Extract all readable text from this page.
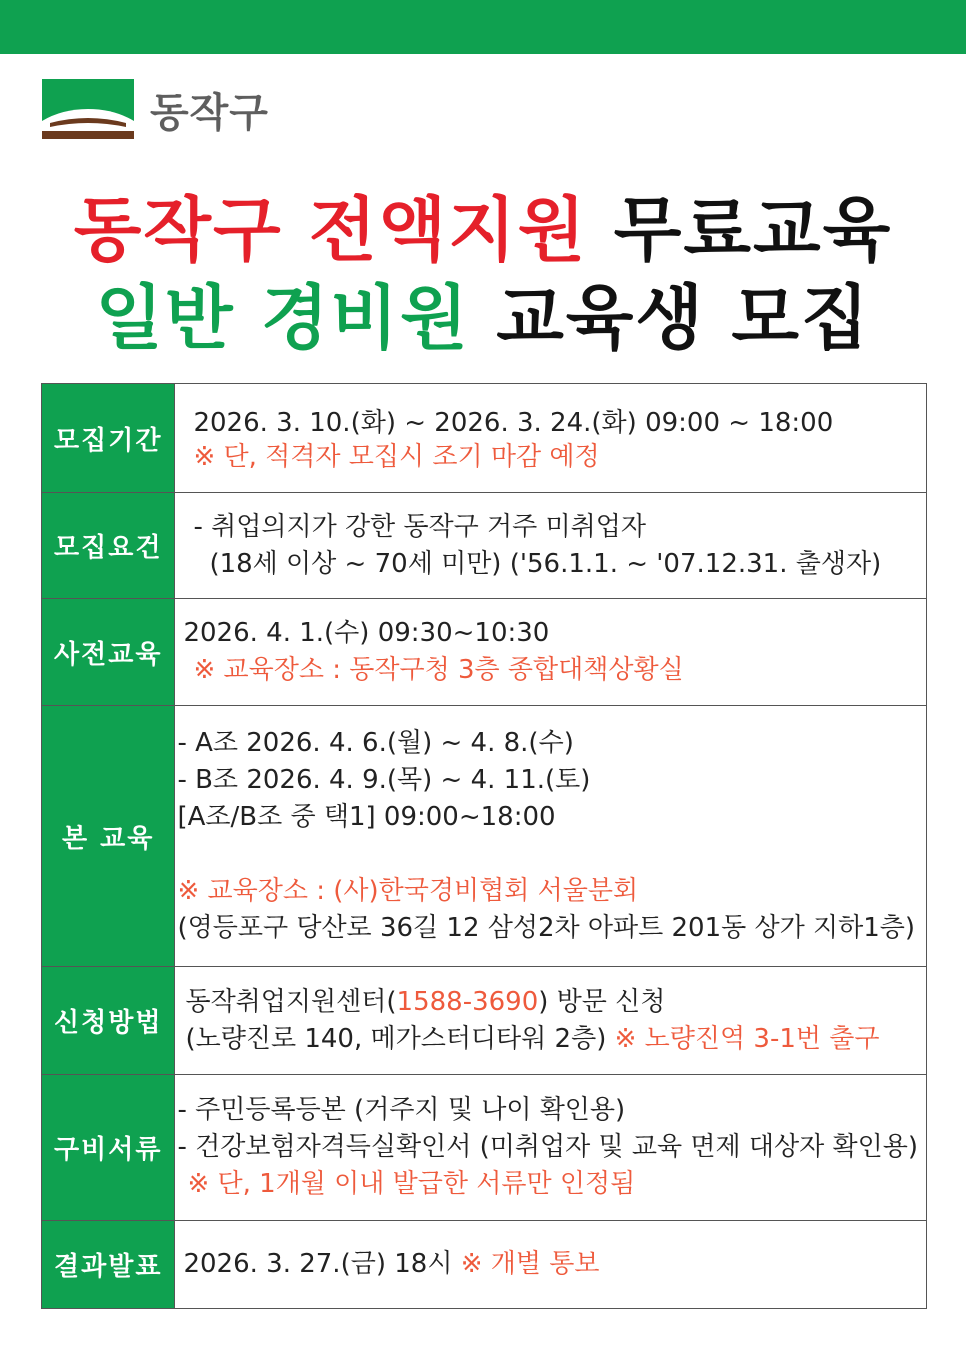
동작구
동작구 전액지원 무료교육
일반 경비원 교육생 모집
모집기간	2026. 3. 10.(화) ~ 2026. 3. 24.(화) 09:00 ~ 18:00
※ 단, 적격자 모집시 조기 마감 예정

모집요건	- 취업의지가 강한 동작구 거주 미취업자
(18세 이상 ~ 70세 미만) ('56.1.1. ~ '07.12.31. 출생자)

사전교육	2026. 4. 1.(수) 09:30~10:30
※ 교육장소 : 동작구청 3층 종합대책상황실

본 교육	- A조 2026. 4. 6.(월) ~ 4. 8.(수)
- B조 2026. 4. 9.(목) ~ 4. 11.(토)
[A조/B조 중 택1] 09:00~18:00
※ 교육장소 : (사)한국경비협회 서울분회
(영등포구 당산로 36길 12 삼성2차 아파트 201동 상가 지하1층)

신청방법	동작취업지원센터(1588-3690) 방문 신청
(노량진로 140, 메가스터디타워 2층) ※ 노량진역 3-1번 출구

구비서류	- 주민등록등본 (거주지 및 나이 확인용)
- 건강보험자격득실확인서 (미취업자 및 교육 면제 대상자 확인용)
※ 단, 1개월 이내 발급한 서류만 인정됨

결과발표	2026. 3. 27.(금) 18시 ※ 개별 통보
